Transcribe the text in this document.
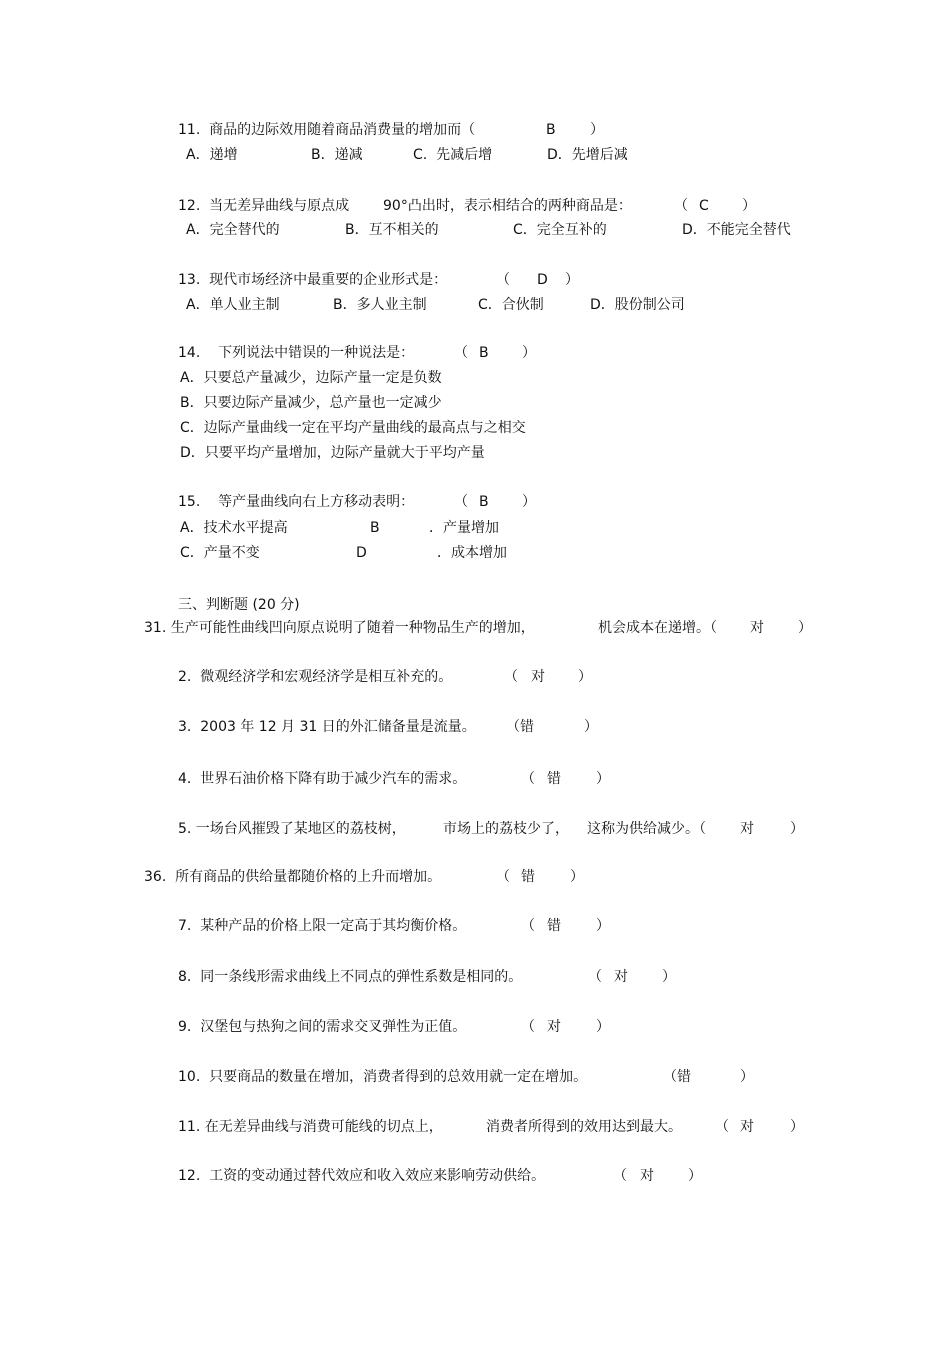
11.  商品的边际效用随着商品消费量的增加而（	B ）
A．递增	B．递减	C.  先减后增	D．先增后减
12.  当无差异曲线与原点成 90°凸出时，表示相结合的两种商品是：	（ C ）
A．完全替代的	B．互不相关的	C．完全互补的	D．不能完全替代
13.  现代市场经济中最重要的企业形式是：	（ D ）
A．单人业主制	B．多人业主制	C．合伙制	D．股份制公司
14.    下列说法中错误的一种说法是：	（ B ）
A．只要总产量减少，边际产量一定是负数
B．只要边际产量减少，总产量也一定减少
C．边际产量曲线一定在平均产量曲线的最高点与之相交
D．只要平均产量增加，边际产量就大于平均产量
15.    等产量曲线向右上方移动表明：	（ B ）
A．技术水平提高	B	．产量增加
C．产量不变	D	．成本增加
三、判断题 (20 分)
31. 生产可能性曲线凹向原点说明了随着一种物品生产的增加，	机会成本在递增。（ 对 ）
2.  微观经济学和宏观经济学是相互补充的。	（ 对 ）
3.  2003 年 12 月 31 日的外汇储备量是流量。 （错	）
4.  世界石油价格下降有助于减少汽车的需求。	（ 错	）
5. 一场台风摧毁了某地区的荔枝树，	市场上的荔枝少了， 这称为供给减少。（ 对	）
36.  所有商品的供给量都随价格的上升而增加。	（ 错	）
7.  某种产品的价格上限一定高于其均衡价格。	（ 错	）
8.  同一条线形需求曲线上不同点的弹性系数是相同的。	（ 对 ）
9.  汉堡包与热狗之间的需求交叉弹性为正值。	（ 对	）
10.  只要商品的数量在增加，消费者得到的总效用就一定在增加。	（错	）
11. 在无差异曲线与消费可能线的切点上，	消费者所得到的效用达到最大。 （ 对	）
12.  工资的变动通过替代效应和收入效应来影响劳动供给。	（ 对 ）
